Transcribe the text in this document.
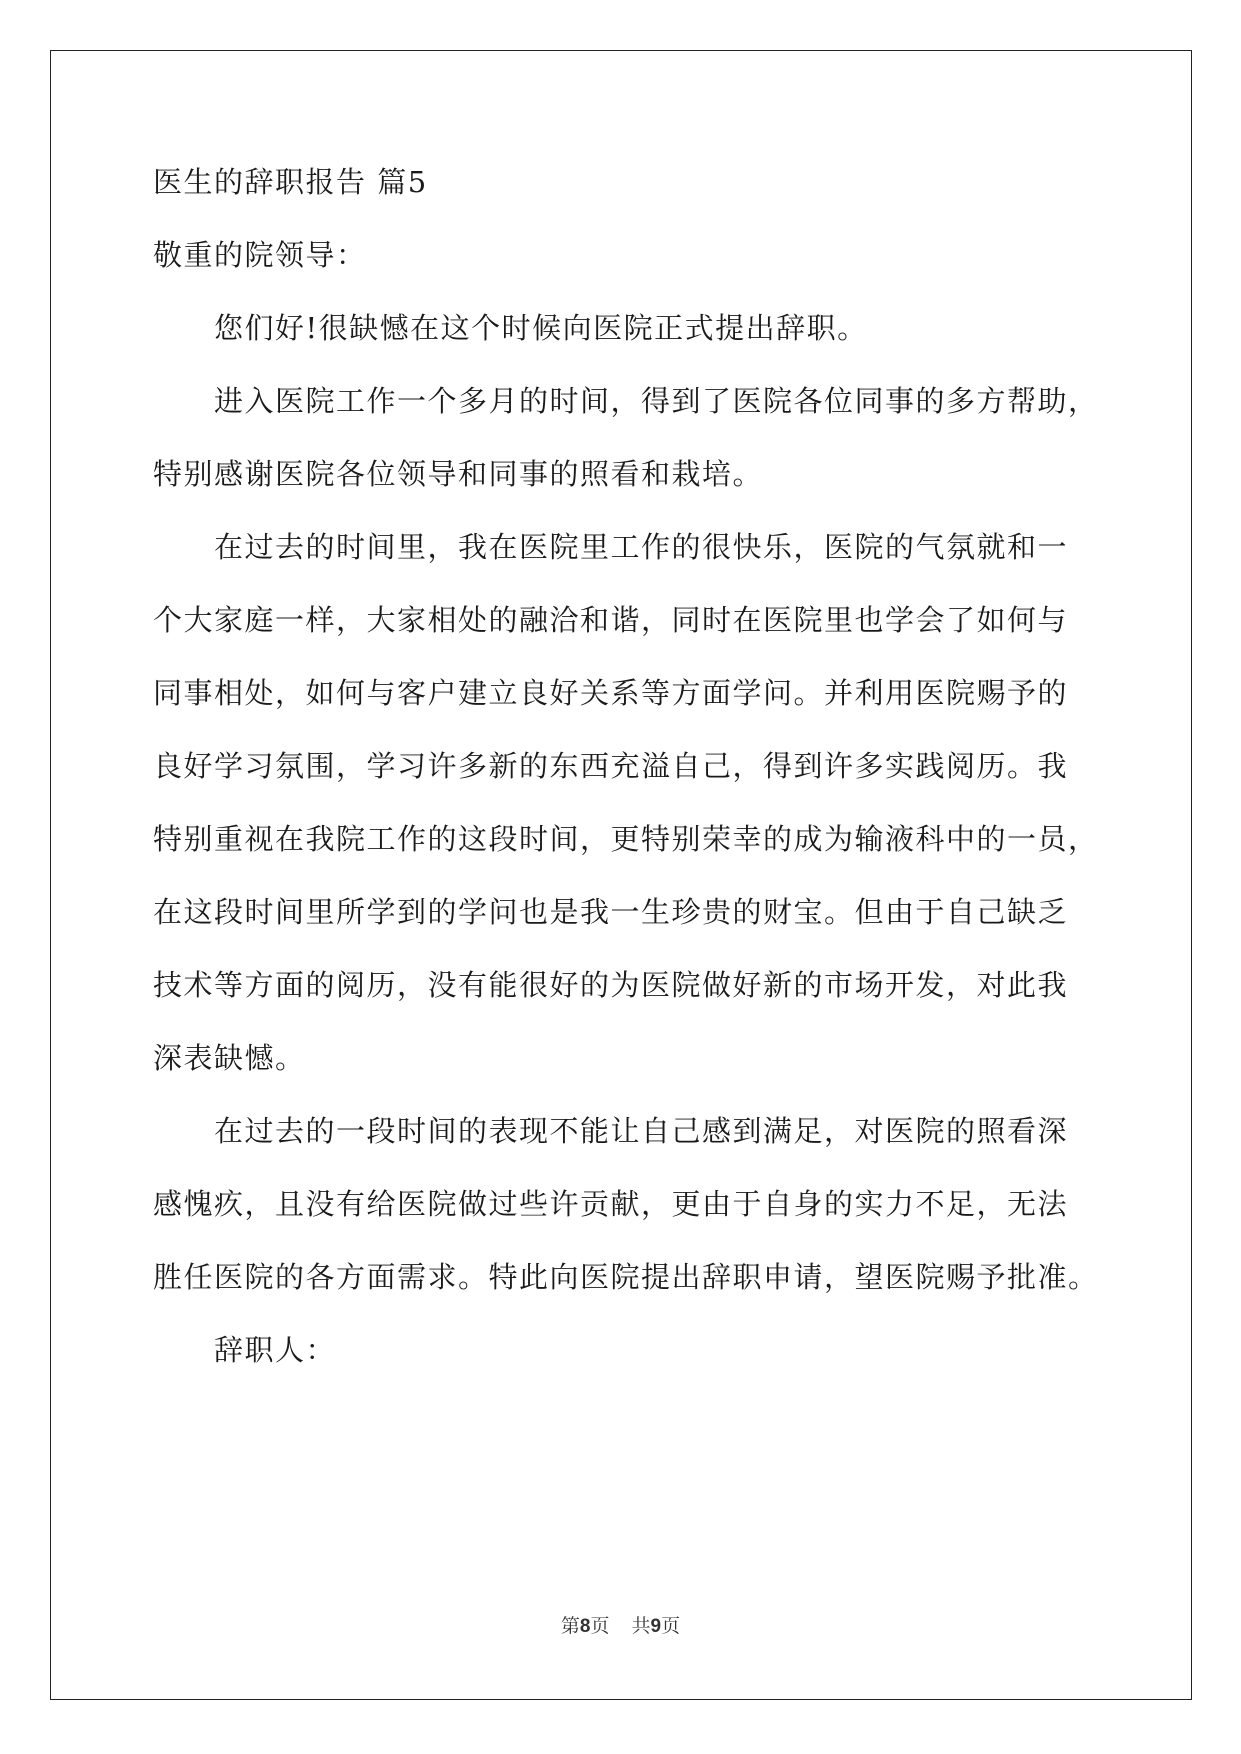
医生的辞职报告 篇5
敬重的院领导：
您们好!很缺憾在这个时候向医院正式提出辞职。
进入医院工作一个多月的时间，得到了医院各位同事的多方帮助，
特别感谢医院各位领导和同事的照看和栽培。
在过去的时间里，我在医院里工作的很快乐，医院的气氛就和一
个大家庭一样，大家相处的融洽和谐，同时在医院里也学会了如何与
同事相处，如何与客户建立良好关系等方面学问。并利用医院赐予的
良好学习氛围，学习许多新的东西充溢自己，得到许多实践阅历。我
特别重视在我院工作的这段时间，更特别荣幸的成为输液科中的一员，
在这段时间里所学到的学问也是我一生珍贵的财宝。但由于自己缺乏
技术等方面的阅历，没有能很好的为医院做好新的市场开发，对此我
深表缺憾。
在过去的一段时间的表现不能让自己感到满足，对医院的照看深
感愧疚，且没有给医院做过些许贡献，更由于自身的实力不足，无法
胜任医院的各方面需求。特此向医院提出辞职申请，望医院赐予批准。
辞职人：
第8页 共9页
